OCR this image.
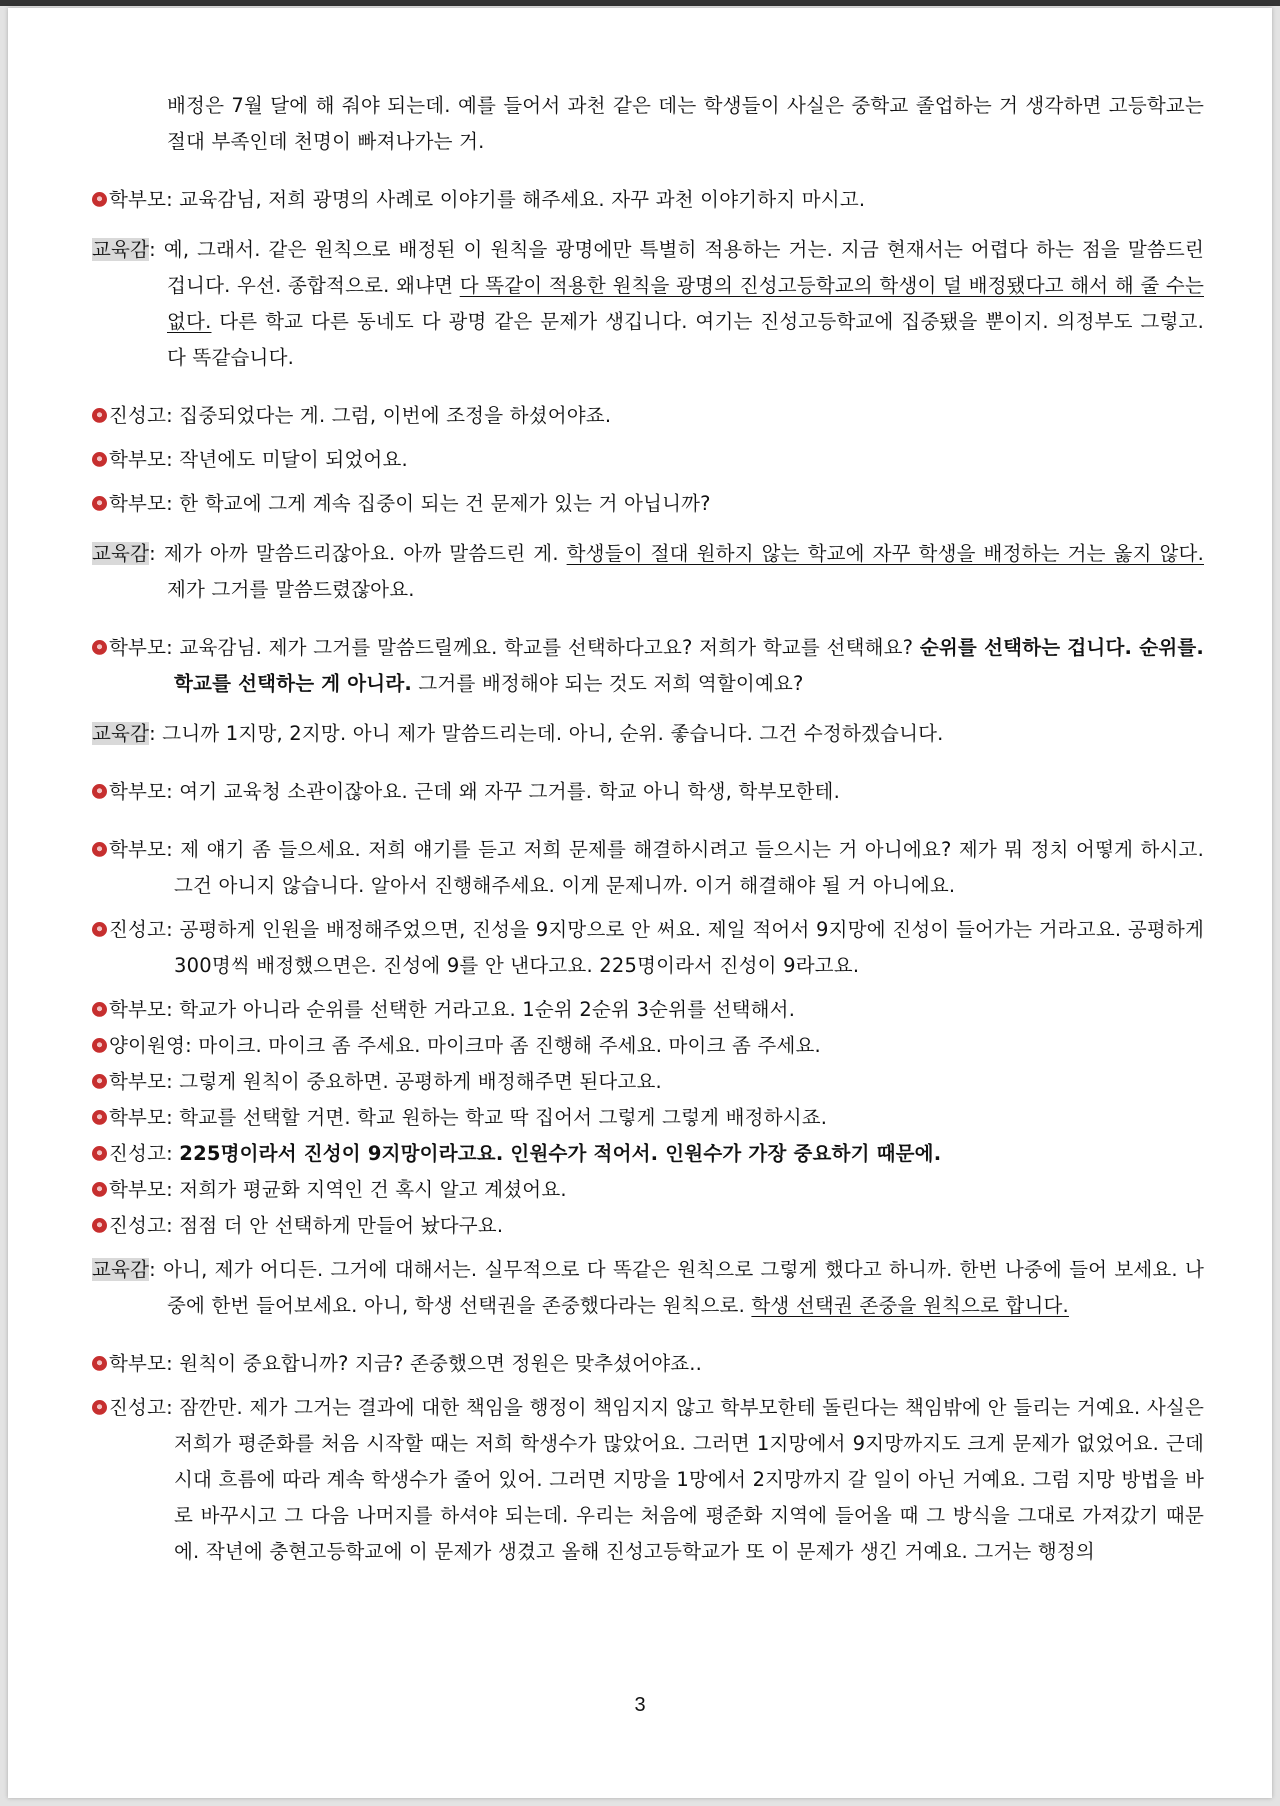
배정은 7월 달에 해 줘야 되는데. 예를 들어서 과천 같은 데는 학생들이 사실은 중학교 졸업하는 거 생각하면 고등학교는 절대 부족인데 천명이 빠져나가는 거.

학부모: 교육감님, 저희 광명의 사례로 이야기를 해주세요. 자꾸 과천 이야기하지 마시고.

교육감: 예, 그래서. 같은 원칙으로 배정된 이 원칙을 광명에만 특별히 적용하는 거는. 지금 현재서는 어렵다 하는 점을 말씀드린 겁니다. 우선. 종합적으로. 왜냐면 다 똑같이 적용한 원칙을 광명의 진성고등학교의 학생이 덜 배정됐다고 해서 해 줄 수는 없다. 다른 학교 다른 동네도 다 광명 같은 문제가 생깁니다. 여기는 진성고등학교에 집중됐을 뿐이지. 의정부도 그렇고. 다 똑같습니다.

진성고: 집중되었다는 게. 그럼, 이번에 조정을 하셨어야죠.

학부모: 작년에도 미달이 되었어요.

학부모: 한 학교에 그게 계속 집중이 되는 건 문제가 있는 거 아닙니까?

교육감: 제가 아까 말씀드리잖아요. 아까 말씀드린 게. 학생들이 절대 원하지 않는 학교에 자꾸 학생을 배정하는 거는 옳지 않다. 제가 그거를 말씀드렸잖아요.

학부모: 교육감님. 제가 그거를 말씀드릴께요. 학교를 선택하다고요? 저희가 학교를 선택해요? 순위를 선택하는 겁니다. 순위를. 학교를 선택하는 게 아니라. 그거를 배정해야 되는 것도 저희 역할이예요?

교육감: 그니까 1지망, 2지망. 아니 제가 말씀드리는데. 아니, 순위. 좋습니다. 그건 수정하겠습니다.

학부모: 여기 교육청 소관이잖아요. 근데 왜 자꾸 그거를. 학교 아니 학생, 학부모한테.

학부모: 제 얘기 좀 들으세요. 저희 얘기를 듣고 저희 문제를 해결하시려고 들으시는 거 아니에요? 제가 뭐 정치 어떻게 하시고. 그건 아니지 않습니다. 알아서 진행해주세요. 이게 문제니까. 이거 해결해야 될 거 아니에요.

진성고: 공평하게 인원을 배정해주었으면, 진성을 9지망으로 안 써요. 제일 적어서 9지망에 진성이 들어가는 거라고요. 공평하게 300명씩 배정했으면은. 진성에 9를 안 낸다고요. 225명이라서 진성이 9라고요.

학부모: 학교가 아니라 순위를 선택한 거라고요. 1순위 2순위 3순위를 선택해서.

양이원영: 마이크. 마이크 좀 주세요. 마이크마 좀 진행해 주세요. 마이크 좀 주세요.

학부모: 그렇게 원칙이 중요하면. 공평하게 배정해주면 된다고요.

학부모: 학교를 선택할 거면. 학교 원하는 학교 딱 집어서 그렇게 그렇게 배정하시죠.

진성고: 225명이라서 진성이 9지망이라고요. 인원수가 적어서. 인원수가 가장 중요하기 때문에.

학부모: 저희가 평균화 지역인 건 혹시 알고 계셨어요.

진성고: 점점 더 안 선택하게 만들어 놨다구요.

교육감: 아니, 제가 어디든. 그거에 대해서는. 실무적으로 다 똑같은 원칙으로 그렇게 했다고 하니까. 한번 나중에 들어 보세요. 나중에 한번 들어보세요. 아니, 학생 선택권을 존중했다라는 원칙으로. 학생 선택권 존중을 원칙으로 합니다.

학부모: 원칙이 중요합니까? 지금? 존중했으면 정원은 맞추셨어야죠..

진성고: 잠깐만. 제가 그거는 결과에 대한 책임을 행정이 책임지지 않고 학부모한테 돌린다는 책임밖에 안 들리는 거예요. 사실은 저희가 평준화를 처음 시작할 때는 저희 학생수가 많았어요. 그러면 1지망에서 9지망까지도 크게 문제가 없었어요. 근데 시대 흐름에 따라 계속 학생수가 줄어 있어. 그러면 지망을 1망에서 2지망까지 갈 일이 아닌 거예요. 그럼 지망 방법을 바로 바꾸시고 그 다음 나머지를 하셔야 되는데. 우리는 처음에 평준화 지역에 들어올 때 그 방식을 그대로 가져갔기 때문에. 작년에 충현고등학교에 이 문제가 생겼고 올해 진성고등학교가 또 이 문제가 생긴 거예요. 그거는 행정의

3
